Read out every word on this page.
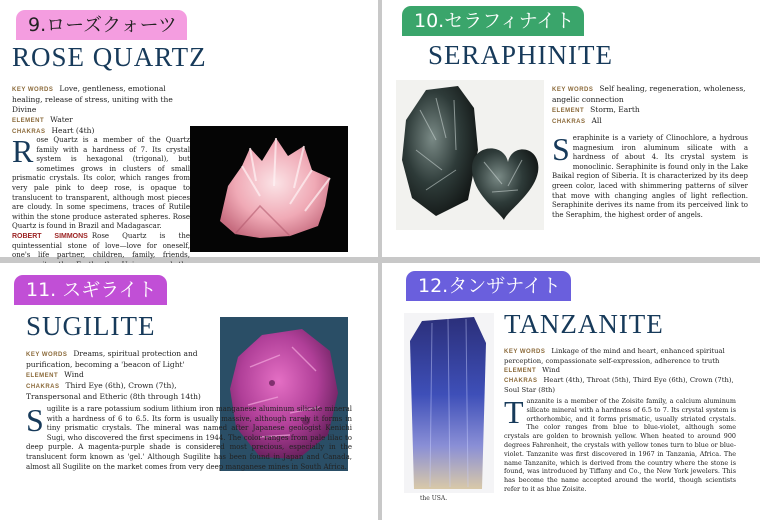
9.ローズクォーツ
ROSE QUARTZ
KEY WORDS Love, gentleness, emotional healing, release of stress, uniting with the Divine
ELEMENT Water
CHAKRAS Heart (4th)
Rose Quartz is a member of the Quartz family with a hardness of 7. Its crystal system is hexagonal (trigonal), but sometimes grows in clusters of small prismatic crystals. Its color, which ranges from very pale pink to deep rose, is opaque to translucent to transparent, although most pieces are cloudy. In some specimens, traces of Rutile within the stone produce asterated spheres. Rose Quartz is found in Brazil and Madagascar.
ROBERT SIMMONS Rose Quartz is the quintessential stone of love—love for oneself, one's life partner, children, family, friends,
10.セラフィナイト
SERAPHINITE
KEY WORDS Self healing, regeneration, wholeness, angelic connection
ELEMENT Storm, Earth
CHAKRAS All
Seraphinite is a variety of Clinochlore, a hydrous magnesium iron aluminum silicate with a hardness of about 4. Its crystal system is monoclinic. Seraphinite is found only in the Lake Baikal region of Siberia. It is characterized by its deep green color, laced with shimmering patterns of silver that move with changing angles of light reflection. Seraphinite derives its name from its perceived link to the Seraphim, the highest order of angels.
11. スギライト
SUGILITE
KEY WORDS Dreams, spiritual protection and purification, becoming a 'beacon of Light'
ELEMENT Wind
CHAKRAS Third Eye (6th), Crown (7th), Transpersonal and Etheric (8th through 14th)
Sugilite is a rare potassium sodium lithium iron manganese aluminum silicate mineral with a hardness of 6 to 6.5. Its form is usually massive, although rarely it forms in tiny prismatic crystals. The mineral was named after Japanese geologist Kenichi Sugi, who discovered the first specimens in 1944. The color ranges from pale lilac to deep purple. A magenta-purple shade is considered most precious, especially in the translucent form known as 'gel.' Although Sugilite has been found in Japan and Canada, almost all Sugilite on the market comes from very deep manganese mines in South Africa.
12.タンザナイト
TANZANITE
KEY WORDS Linkage of the mind and heart, enhanced spiritual perception, compassionate self-expression, adherence to truth
ELEMENT Wind
CHAKRAS Heart (4th), Throat (5th), Third Eye (6th), Crown (7th), Soul Star (8th)
Tanzanite is a member of the Zoisite family, a calcium aluminum silicate mineral with a hardness of 6.5 to 7. Its crystal system is orthorhombic, and it forms prismatic, usually striated crystals. The color ranges from blue to blue-violet, although some crystals are golden to brownish yellow. When heated to around 900 degrees Fahrenheit, the crystals with yellow tones turn to blue or blue-violet. Tanzanite was first discovered in 1967 in Tanzania, Africa. The name Tanzanite, which is derived from the country where the stone is found, was introduced by Tiffany and Co., the New York jewelers. This has become the name accepted around the world, though scientists refer to it as blue Zoisite.
the USA.
